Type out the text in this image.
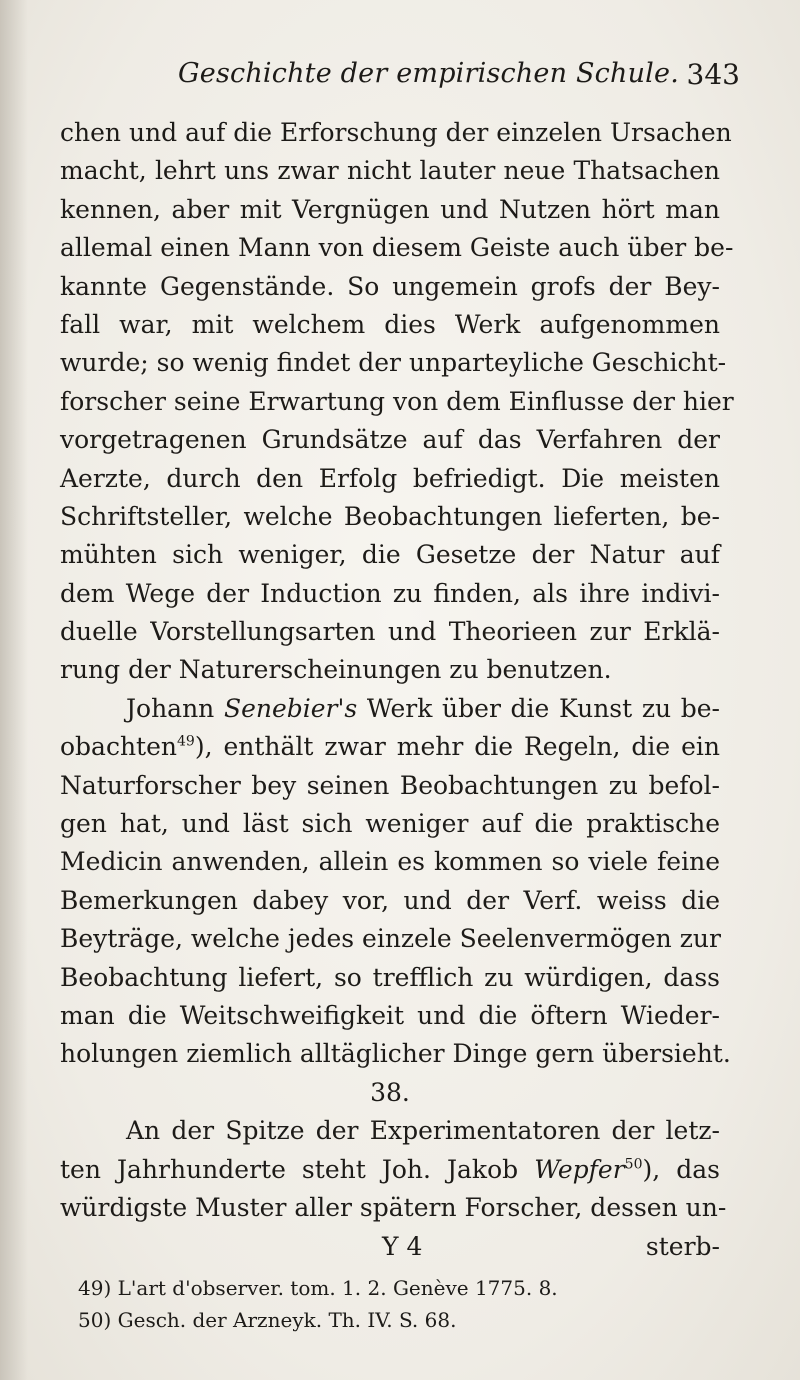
Geschichte der empirischen Schule. 343
chen und auf die Erforschung der einzelen Ursachen
macht, lehrt uns zwar nicht lauter neue Thatsachen
kennen, aber mit Vergnügen und Nutzen hört man
allemal einen Mann von diesem Geiste auch über be-
kannte Gegenstände. So ungemein grofs der Bey-
fall war, mit welchem dies Werk aufgenommen
wurde; so wenig findet der unparteyliche Geschicht-
forscher seine Erwartung von dem Einflusse der hier
vorgetragenen Grundsätze auf das Verfahren der
Aerzte, durch den Erfolg befriedigt. Die meisten
Schriftsteller, welche Beobachtungen lieferten, be-
mühten sich weniger, die Gesetze der Natur auf
dem Wege der Induction zu finden, als ihre indivi-
duelle Vorstellungsarten und Theorieen zur Erklä-
rung der Naturerscheinungen zu benutzen.
Johann Senebier's Werk über die Kunst zu be-
obachten$^{49}$), enthält zwar mehr die Regeln, die ein
Naturforscher bey seinen Beobachtungen zu befol-
gen hat, und läst sich weniger auf die praktische
Medicin anwenden, allein es kommen so viele feine
Bemerkungen dabey vor, und der Verf. weiss die
Beyträge, welche jedes einzele Seelenvermögen zur
Beobachtung liefert, so trefflich zu würdigen, dass
man die Weitschweifigkeit und die öftern Wieder-
holungen ziemlich alltäglicher Dinge gern übersieht.
38.
An der Spitze der Experimentatoren der letz-
ten Jahrhunderte steht Joh. Jakob Wepfer$^{50}$), das
würdigste Muster aller spätern Forscher, dessen un-
Y 4	sterb-
49) L'art d'observer. tom. 1. 2. Genève 1775. 8.
50) Gesch. der Arzneyk. Th. IV. S. 68.
